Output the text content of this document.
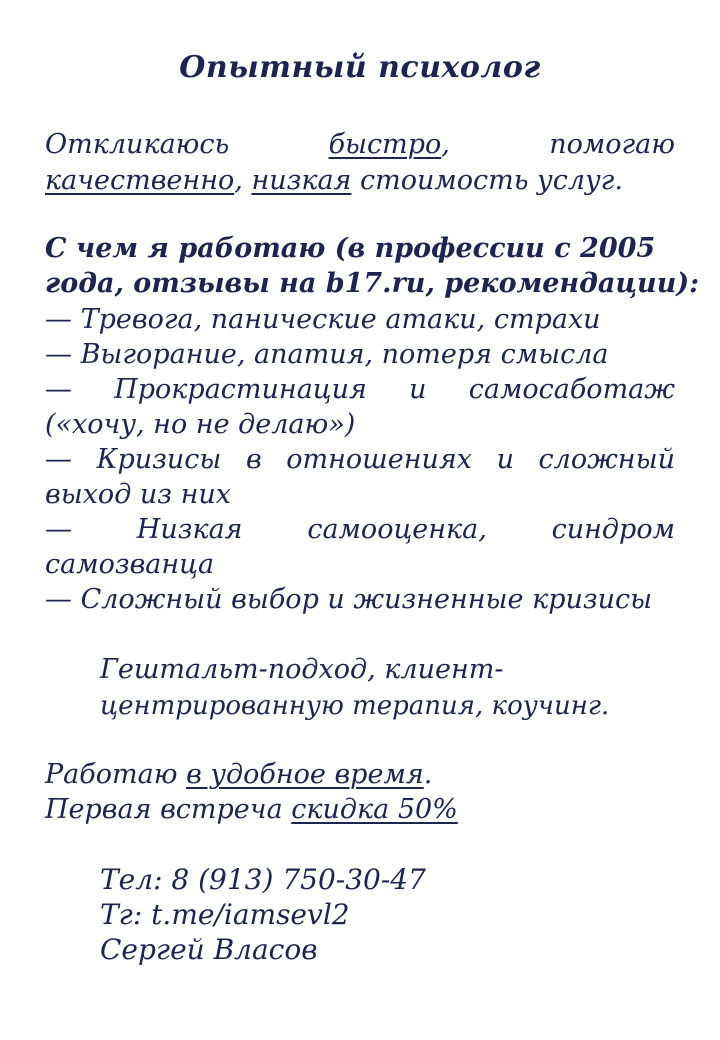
Опытный психолог
Откликаюсь	быстро,	помогаю
качественно, низкая стоимость услуг.
С чем я работаю (в профессии с 2005
года, отзывы на b17.ru, рекомендации):
— Тревога, панические атаки, страхи
— Выгорание, апатия, потеря смысла
— Прокрастинация и самосаботаж
(«хочу, но не делаю»)
— Кризисы в отношениях и сложный
выход из них
— Низкая самооценка, синдром
самозванца
— Сложный выбор и жизненные кризисы
Гештальт-подход, клиент-
центрированную терапия, коучинг.
Работаю в удобное время.
Первая встреча скидка 50%
Тел: 8 (913) 750-30-47
Тг: t.me/iamsevl2
Сергей Власов
